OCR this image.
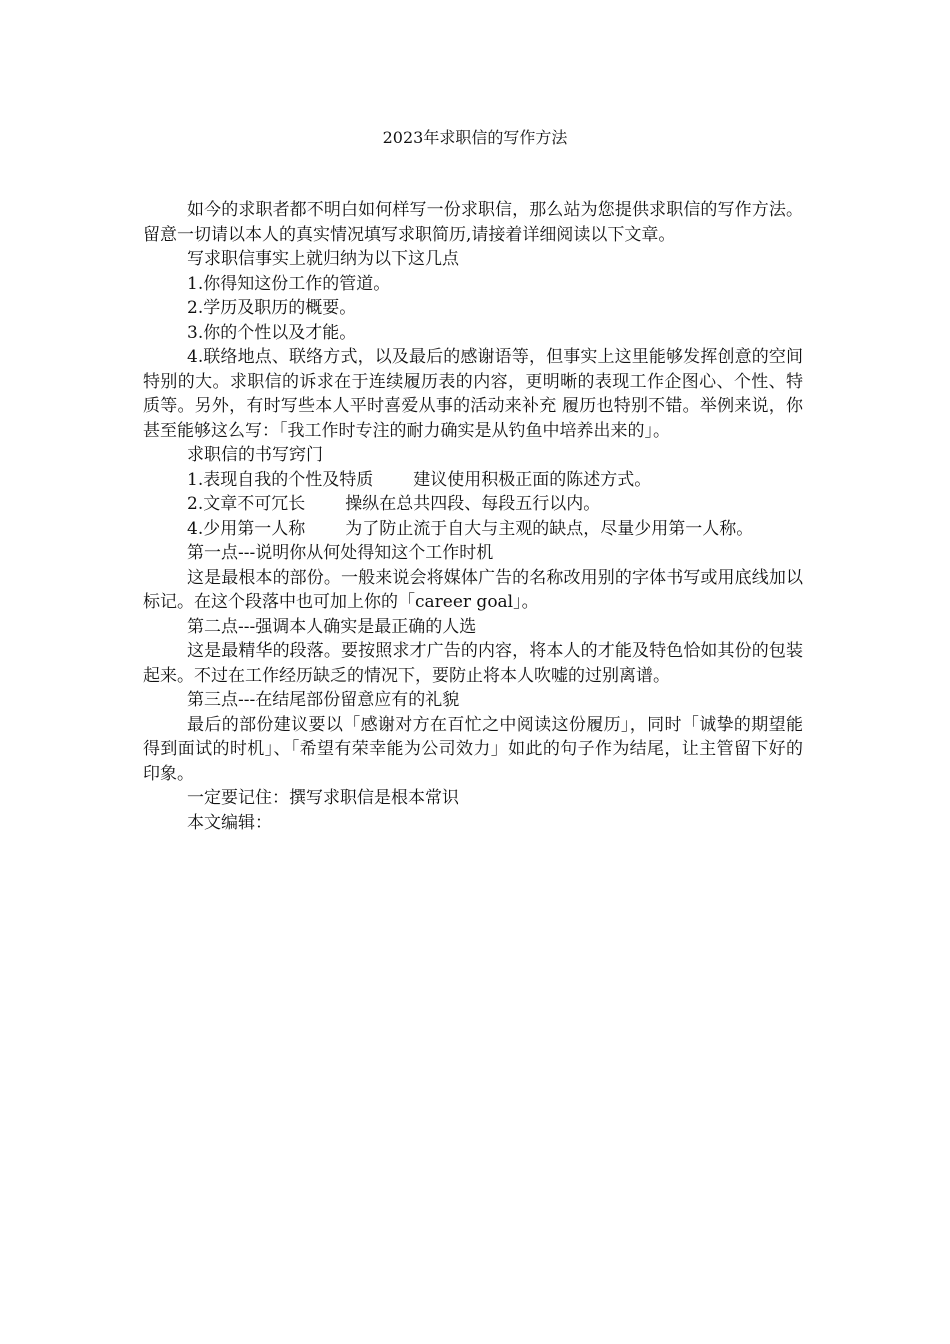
2023年求职信的写作方法

如今的求职者都不明白如何样写一份求职信，那么站为您提供求职信的写作方法。留意一切请以本人的真实情况填写求职简历,请接着详细阅读以下文章。

写求职信事实上就归纳为以下这几点

1.你得知这份工作的管道。

2.学历及职历的概要。

3.你的个性以及才能。

4.联络地点、联络方式，以及最后的感谢语等，但事实上这里能够发挥创意的空间特别的大。求职信的诉求在于连续履历表的内容，更明晰的表现工作企图心、个性、特质等。另外，有时写些本人平时喜爱从事的活动来补充 履历也特别不错。举例来说，你甚至能够这么写：「我工作时专注的耐力确实是从钓鱼中培养出来的」。

求职信的书写窍门

1.表现自我的个性及特质 建议使用积极正面的陈述方式。

2.文章不可冗长 操纵在总共四段、每段五行以内。

4.少用第一人称 为了防止流于自大与主观的缺点，尽量少用第一人称。

第一点---说明你从何处得知这个工作时机

这是最根本的部份。一般来说会将媒体广告的名称改用别的字体书写或用底线加以标记。在这个段落中也可加上你的「career goal」。

第二点---强调本人确实是最正确的人选

这是最精华的段落。要按照求才广告的内容，将本人的才能及特色恰如其份的包装起来。不过在工作经历缺乏的情况下，要防止将本人吹嘘的过别离谱。

第三点---在结尾部份留意应有的礼貌

最后的部份建议要以「感谢对方在百忙之中阅读这份履历」，同时「诚挚的期望能得到面试的时机」、「希望有荣幸能为公司效力」如此的句子作为结尾，让主管留下好的印象。

一定要记住：撰写求职信是根本常识

本文编辑：
